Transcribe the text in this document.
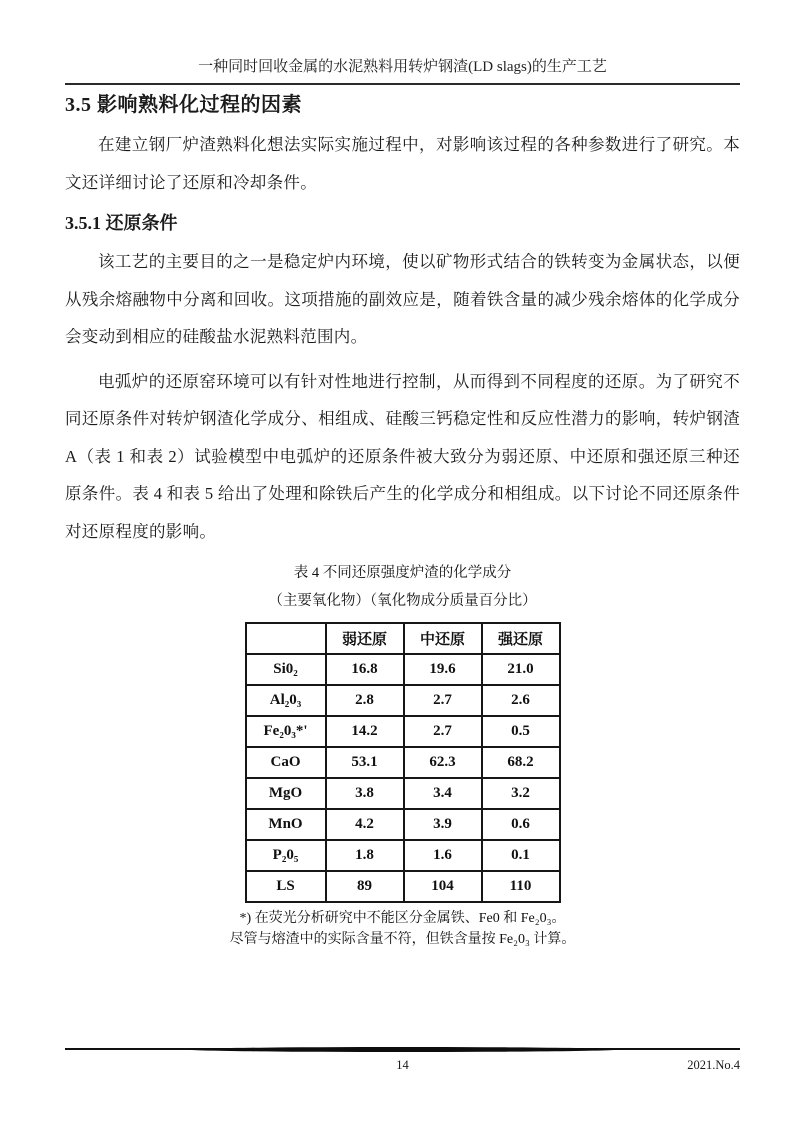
一种同时回收金属的水泥熟料用转炉钢渣(LD slags)的生产工艺
3.5 影响熟料化过程的因素

在建立钢厂炉渣熟料化想法实际实施过程中，对影响该过程的各种参数进行了研究。本文还详细讨论了还原和冷却条件。

3.5.1 还原条件

该工艺的主要目的之一是稳定炉内环境，使以矿物形式结合的铁转变为金属状态，以便从残余熔融物中分离和回收。这项措施的副效应是，随着铁含量的减少残余熔体的化学成分会变动到相应的硅酸盐水泥熟料范围内。

电弧炉的还原窑环境可以有针对性地进行控制，从而得到不同程度的还原。为了研究不同还原条件对转炉钢渣化学成分、相组成、硅酸三钙稳定性和反应性潜力的影响，转炉钢渣 A（表 1 和表 2）试验模型中电弧炉的还原条件被大致分为弱还原、中还原和强还原三种还原条件。表 4 和表 5 给出了处理和除铁后产生的化学成分和相组成。以下讨论不同还原条件对还原程度的影响。

表 4 不同还原强度炉渣的化学成分
（主要氧化物）（氧化物成分质量百分比）
	弱还原	中还原	强还原
Si0₂	16.8	19.6	21.0
Al₂0₃	2.8	2.7	2.6
Fe₂0₃*'	14.2	2.7	0.5
CaO	53.1	62.3	68.2
MgO	3.8	3.4	3.2
MnO	4.2	3.9	0.6
P₂0₅	1.8	1.6	0.1
LS	89	104	110
*) 在荧光分析研究中不能区分金属铁、Fe0 和 Fe₂0₃。
尽管与熔渣中的实际含量不符，但铁含量按 Fe₂0₃ 计算。
14	2021.No.4
